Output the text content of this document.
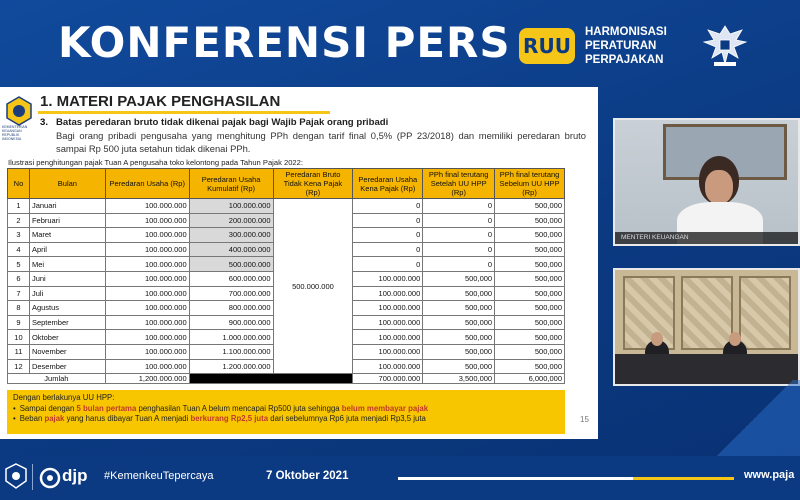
KONFERENSI PERS RUU
HARMONISASI
PERATURAN
PERPAJAKAN
KEMENTERIAN KEUANGAN REPUBLIK INDONESIA
1. MATERI PAJAK PENGHASILAN
3. Batas peredaran bruto tidak dikenai pajak bagi Wajib Pajak orang pribadi
Bagi orang pribadi pengusaha yang menghitung PPh dengan tarif final 0,5% (PP 23/2018) dan memiliki peredaran bruto sampai Rp 500 juta setahun tidak dikenai PPh.
Ilustrasi penghitungan pajak Tuan A pengusaha toko kelontong pada Tahun Pajak 2022:
No	Bulan	Peredaran Usaha (Rp)	Peredaran Usaha Kumulatif (Rp)	Peredaran Bruto Tidak Kena Pajak (Rp)	Peredaran Usaha Kena Pajak (Rp)	PPh final terutang Setelah UU HPP (Rp)	PPh final terutang Sebelum UU HPP (Rp)
1	Januari	100.000.000	100.000.000	500.000.000	0	0	500,000
2	Februari	100.000.000	200.000.000		0	0	500,000
3	Maret	100.000.000	300.000.000		0	0	500,000
4	April	100.000.000	400.000.000		0	0	500,000
5	Mei	100.000.000	500.000.000		0	0	500,000
6	Juni	100.000.000	600.000.000		100.000.000	500,000	500,000
7	Juli	100.000.000	700.000.000		100.000.000	500,000	500,000
8	Agustus	100.000.000	800.000.000		100.000.000	500,000	500,000
9	September	100.000.000	900.000.000		100.000.000	500,000	500,000
10	Oktober	100.000.000	1.000.000.000		100.000.000	500,000	500,000
11	November	100.000.000	1.100.000.000		100.000.000	500,000	500,000
12	Desember	100.000.000	1.200.000.000		100.000.000	500,000	500,000
Jumlah		1,200.000.000			700.000.000	3,500,000	6,000,000
Dengan berlakunya UU HPP:
• Sampai dengan 5 bulan pertama penghasilan Tuan A belum mencapai Rp500 juta sehingga belum membayar pajak
• Beban pajak yang harus dibayar Tuan A menjadi berkurang Rp2,5 juta dari sebelumnya Rp6 juta menjadi Rp3,5 juta	15
MENTERI KEUANGAN
djp #KemenkeuTepercaya	7 Oktober 2021	www.paja
